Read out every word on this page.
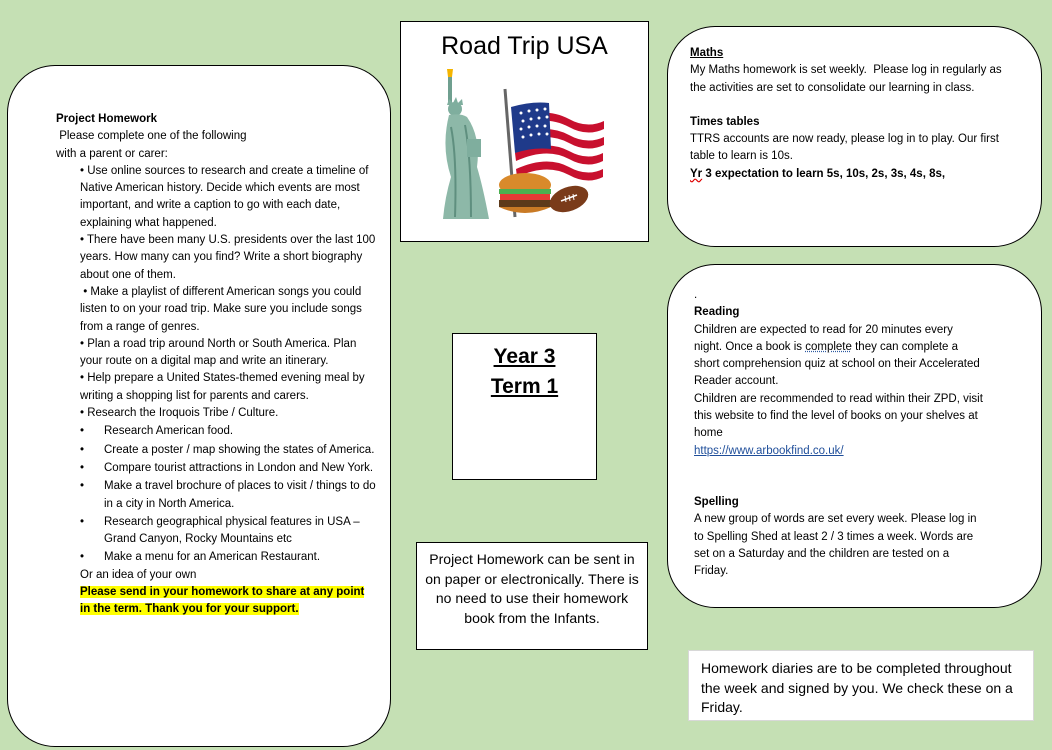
Project Homework

Please complete one of the following

with a parent or carer:

• Use online sources to research and create a timeline of Native American history. Decide which events are most important, and write a caption to go with each date, explaining what happened.

• There have been many U.S. presidents over the last 100 years. How many can you find? Write a short biography about one of them.

• Make a playlist of different American songs you could listen to on your road trip. Make sure you include songs from a range of genres.

• Plan a road trip around North or South America. Plan your route on a digital map and write an itinerary.

• Help prepare a United States-themed evening meal by writing a shopping list for parents and carers.

• Research the Iroquois Tribe / Culture.

•	Research American food.
•	Create a poster / map showing the states of America.
•	Compare tourist attractions in London and New York.
•	Make a travel brochure of places to visit / things to do in a city in North America.
•	Research geographical physical features in USA – Grand Canyon, Rocky Mountains etc
•	Make a menu for an American Restaurant.

Or an idea of your own

Please send in your homework to share at any point in the term. Thank you for your support.

Road Trip USA
Year 3
Term 1

Project Homework can be sent in on paper or electronically. There is no need to use their homework book from the Infants.

Maths

My Maths homework is set weekly.  Please log in regularly as the activities are set to consolidate our learning in class.

Times tables

TTRS accounts are now ready, please log in to play. Our first table to learn is 10s.

Yr 3 expectation to learn 5s, 10s, 2s, 3s, 4s, 8s,

.

Reading

Children are expected to read for 20 minutes every night. Once a book is complete they can complete a short comprehension quiz at school on their Accelerated Reader account.

Children are recommended to read within their ZPD, visit this website to find the level of books on your shelves at home

https://www.arbookfind.co.uk/

Spelling

A new group of words are set every week. Please log in to Spelling Shed at least 2 / 3 times a week. Words are set on a Saturday and the children are tested on a Friday.

Homework diaries are to be completed throughout the week and signed by you. We check these on a Friday.
